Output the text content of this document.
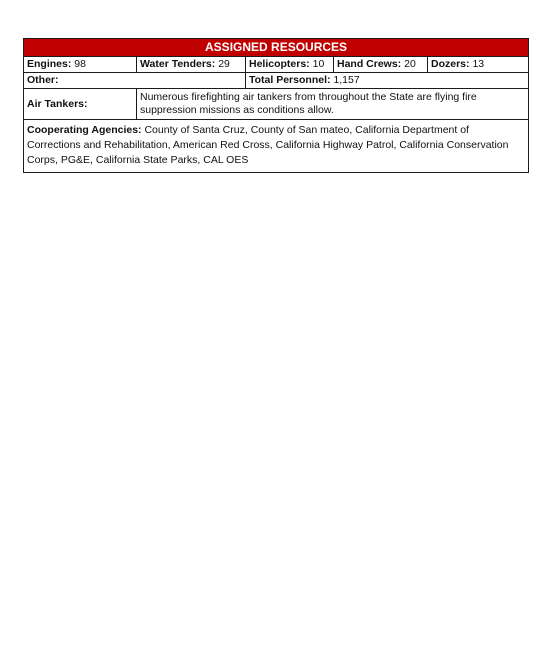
ASSIGNED RESOURCES				
Engines: 98	Water Tenders: 29	Helicopters: 10	Hand Crews: 20	Dozers: 13
Other:		Total Personnel: 1,157		
Air Tankers:	Numerous firefighting air tankers from throughout the State are flying fire suppression missions as conditions allow.			
Cooperating Agencies: County of Santa Cruz, County of San mateo, California Department of Corrections and Rehabilitation, American Red Cross, California Highway Patrol, California Conservation Corps, PG&E, California State Parks, CAL OES				
